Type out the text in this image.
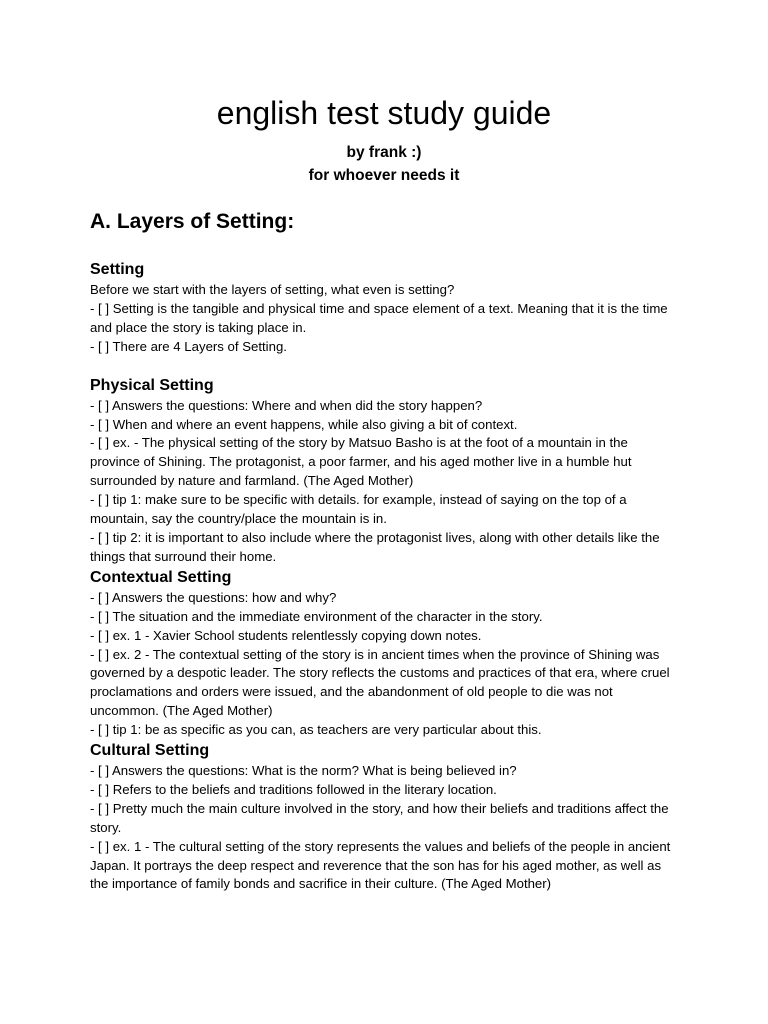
english test study guide

by frank :)

for whoever needs it

A. Layers of Setting:
Setting

Before we start with the layers of setting, what even is setting?

- [ ] Setting is the tangible and physical time and space element of a text. Meaning that it is the time and place the story is taking place in.

- [ ] There are 4 Layers of Setting.

Physical Setting

- [ ] Answers the questions: Where and when did the story happen?

- [ ] When and where an event happens, while also giving a bit of context.

- [ ] ex. - The physical setting of the story by Matsuo Basho is at the foot of a mountain in the province of Shining. The protagonist, a poor farmer, and his aged mother live in a humble hut surrounded by nature and farmland. (The Aged Mother)

- [ ] tip 1: make sure to be specific with details. for example, instead of saying on the top of a mountain, say the country/place the mountain is in.

- [ ] tip 2: it is important to also include where the protagonist lives, along with other details like the things that surround their home.

Contextual Setting

- [ ] Answers the questions: how and why?

- [ ] The situation and the immediate environment of the character in the story.

- [ ] ex. 1 - Xavier School students relentlessly copying down notes.

- [ ] ex. 2 - The contextual setting of the story is in ancient times when the province of Shining was governed by a despotic leader. The story reflects the customs and practices of that era, where cruel proclamations and orders were issued, and the abandonment of old people to die was not uncommon. (The Aged Mother)

- [ ] tip 1: be as specific as you can, as teachers are very particular about this.

Cultural Setting

- [ ] Answers the questions: What is the norm? What is being believed in?

- [ ] Refers to the beliefs and traditions followed in the literary location.

- [ ] Pretty much the main culture involved in the story, and how their beliefs and traditions affect the story.

- [ ] ex. 1 - The cultural setting of the story represents the values and beliefs of the people in ancient Japan. It portrays the deep respect and reverence that the son has for his aged mother, as well as the importance of family bonds and sacrifice in their culture. (The Aged Mother)
